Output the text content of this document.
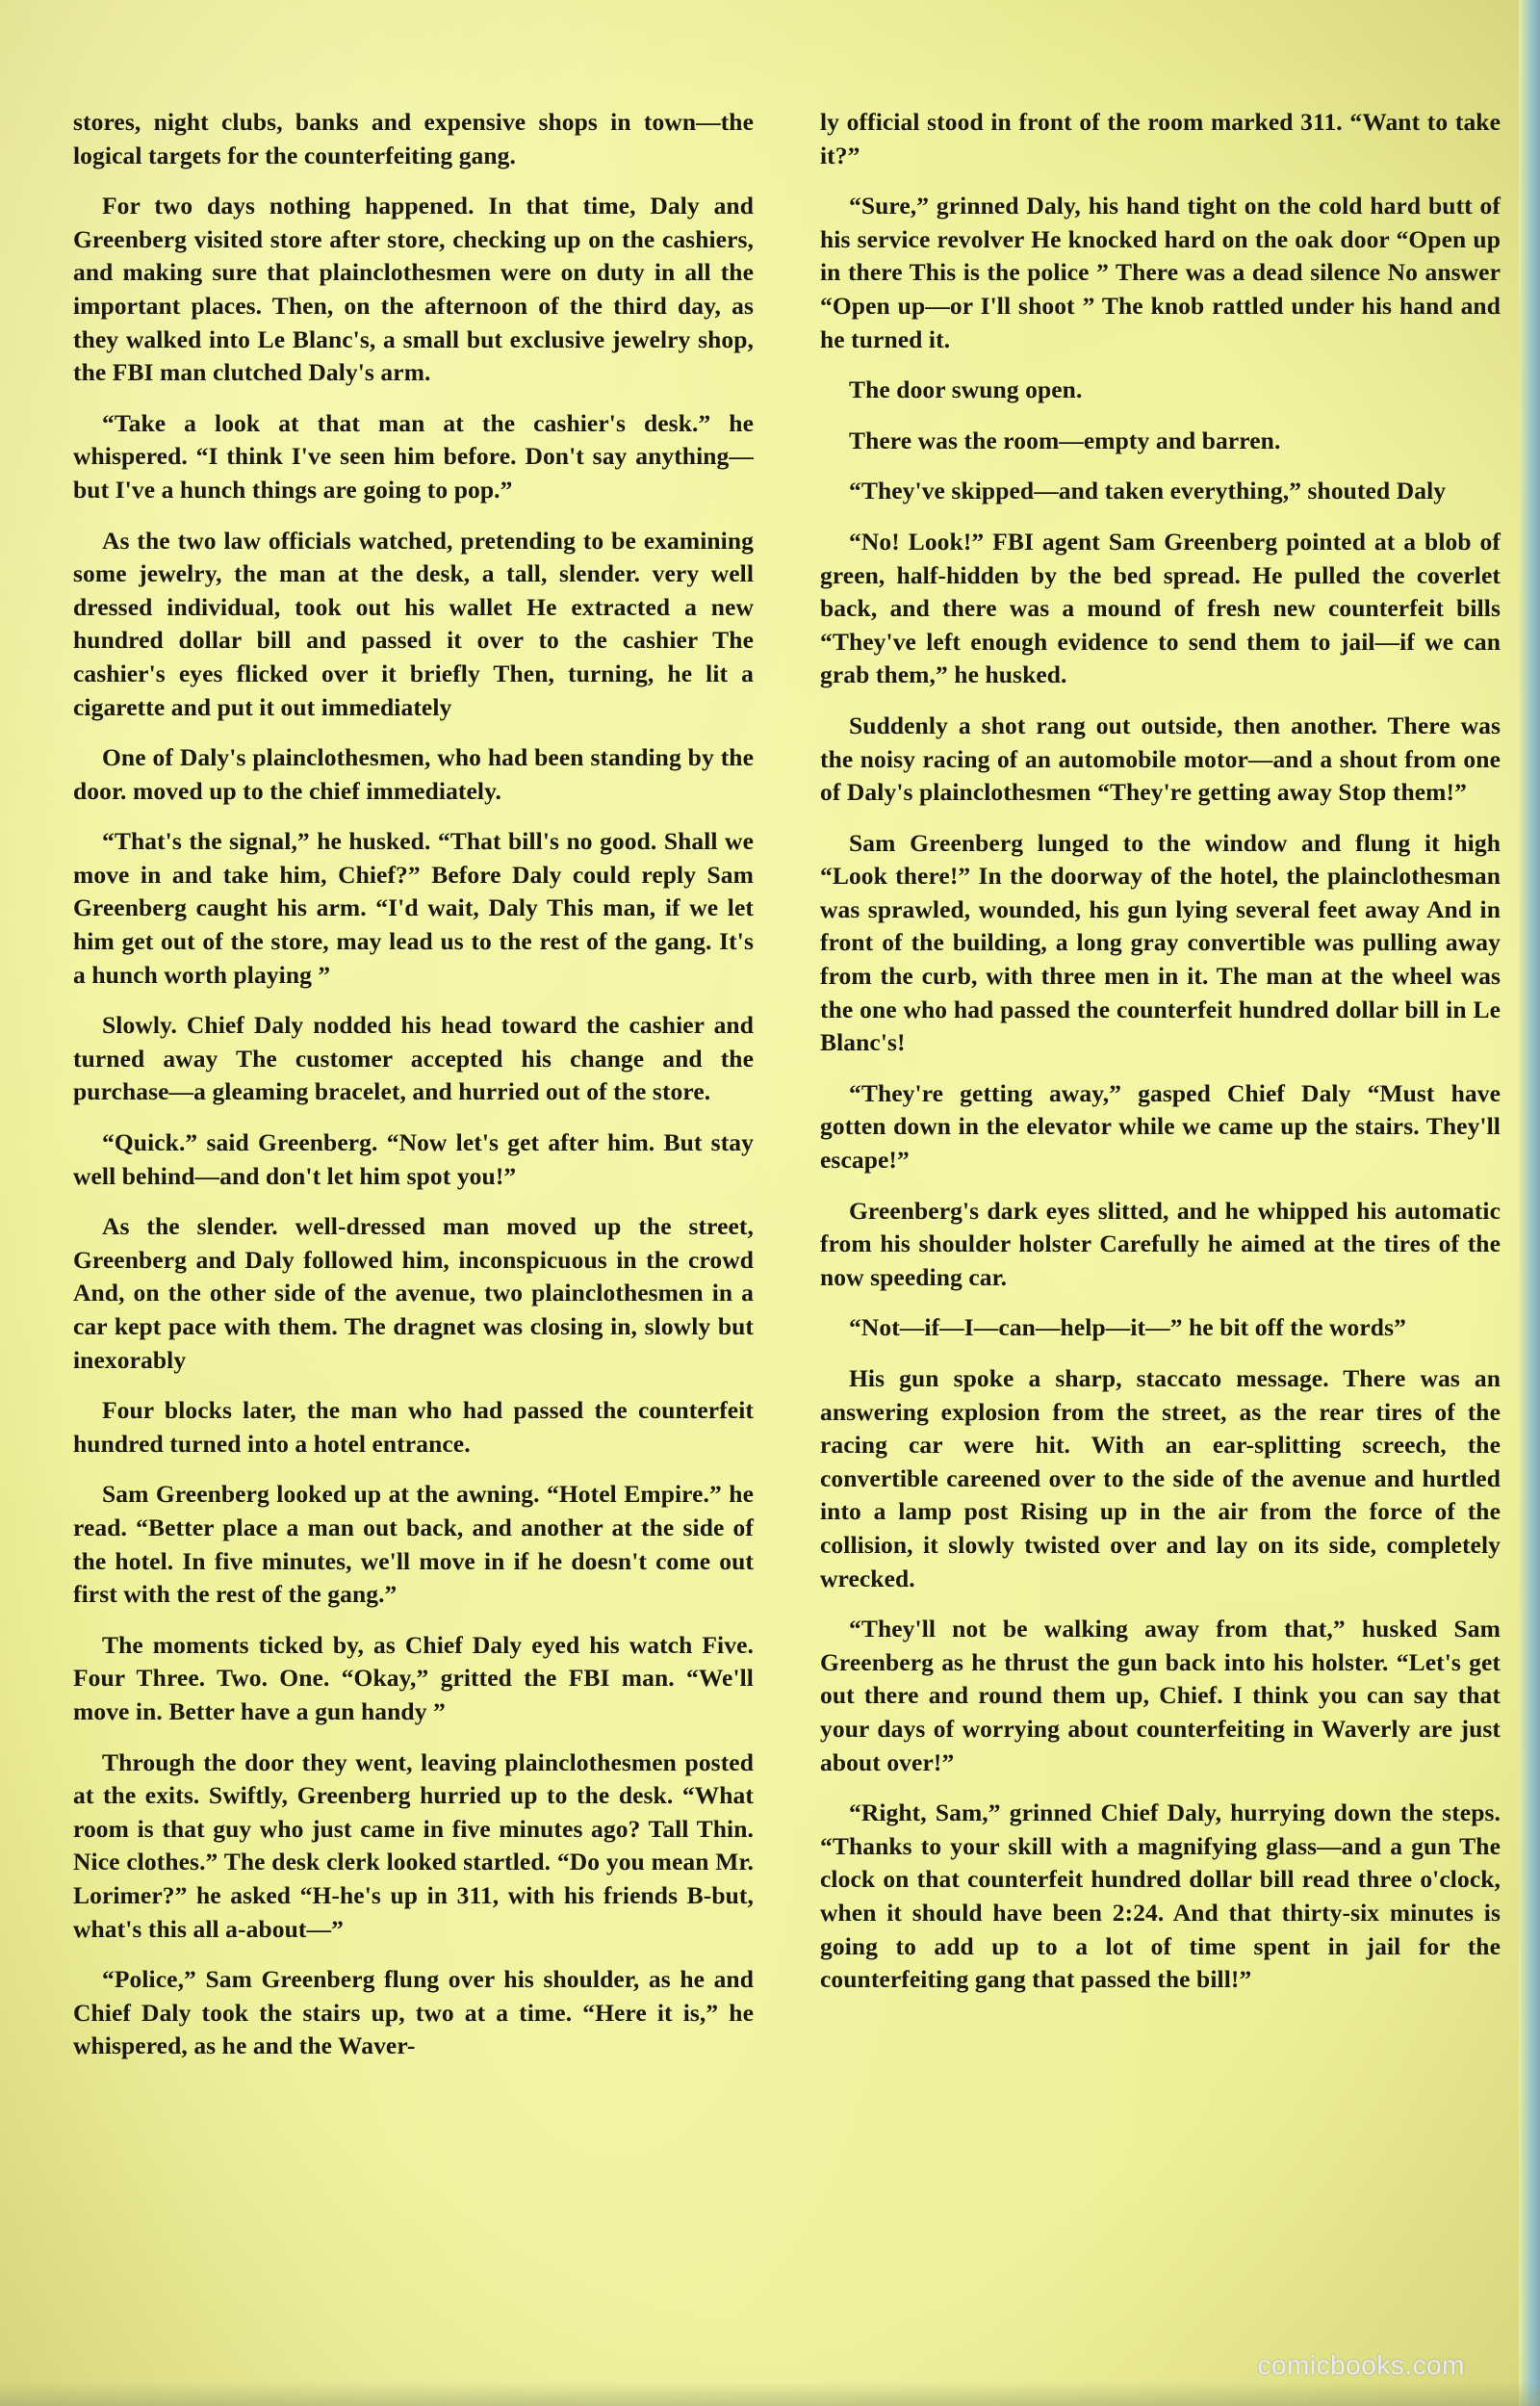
stores, night clubs, banks and expensive shops in town—the logical targets for the counterfeiting gang.

For two days nothing happened. In that time, Daly and Greenberg visited store after store, checking up on the cashiers, and making sure that plainclothesmen were on duty in all the important places. Then, on the afternoon of the third day, as they walked into Le Blanc's, a small but exclusive jewelry shop, the FBI man clutched Daly's arm.

“Take a look at that man at the cashier's desk.” he whispered. “I think I've seen him before. Don't say anything—but I've a hunch things are going to pop.”

As the two law officials watched, pretending to be examining some jewelry, the man at the desk, a tall, slender. very well dressed individual, took out his wallet He extracted a new hundred dollar bill and passed it over to the cashier The cashier's eyes flicked over it briefly Then, turning, he lit a cigarette and put it out immediately

One of Daly's plainclothesmen, who had been standing by the door. moved up to the chief immediately.

“That's the signal,” he husked. “That bill's no good. Shall we move in and take him, Chief?” Before Daly could reply Sam Greenberg caught his arm. “I'd wait, Daly This man, if we let him get out of the store, may lead us to the rest of the gang. It's a hunch worth playing ”

Slowly. Chief Daly nodded his head toward the cashier and turned away The customer accepted his change and the purchase—a gleaming bracelet, and hurried out of the store.

“Quick.” said Greenberg. “Now let's get after him. But stay well behind—and don't let him spot you!”

As the slender. well-dressed man moved up the street, Greenberg and Daly followed him, inconspicuous in the crowd And, on the other side of the avenue, two plainclothesmen in a car kept pace with them. The dragnet was closing in, slowly but inexorably

Four blocks later, the man who had passed the counterfeit hundred turned into a hotel entrance.

Sam Greenberg looked up at the awning. “Hotel Empire.” he read. “Better place a man out back, and another at the side of the hotel. In five minutes, we'll move in if he doesn't come out first with the rest of the gang.”

The moments ticked by, as Chief Daly eyed his watch Five. Four Three. Two. One. “Okay,” gritted the FBI man. “We'll move in. Better have a gun handy ”

Through the door they went, leaving plainclothesmen posted at the exits. Swiftly, Greenberg hurried up to the desk. “What room is that guy who just came in five minutes ago? Tall Thin. Nice clothes.” The desk clerk looked startled. “Do you mean Mr. Lorimer?” he asked “H-he's up in 311, with his friends B-but, what's this all a-about—”

“Police,” Sam Greenberg flung over his shoulder, as he and Chief Daly took the stairs up, two at a time. “Here it is,” he whispered, as he and the Waver-

ly official stood in front of the room marked 311. “Want to take it?”

“Sure,” grinned Daly, his hand tight on the cold hard butt of his service revolver He knocked hard on the oak door “Open up in there This is the police ” There was a dead silence No answer “Open up—or I'll shoot ” The knob rattled under his hand and he turned it.

The door swung open.

There was the room—empty and barren.

“They've skipped—and taken everything,” shouted Daly

“No! Look!” FBI agent Sam Greenberg pointed at a blob of green, half-hidden by the bed spread. He pulled the coverlet back, and there was a mound of fresh new counterfeit bills “They've left enough evidence to send them to jail—if we can grab them,” he husked.

Suddenly a shot rang out outside, then another. There was the noisy racing of an automobile motor—and a shout from one of Daly's plainclothesmen “They're getting away Stop them!”

Sam Greenberg lunged to the window and flung it high “Look there!” In the doorway of the hotel, the plainclothesman was sprawled, wounded, his gun lying several feet away And in front of the building, a long gray convertible was pulling away from the curb, with three men in it. The man at the wheel was the one who had passed the counterfeit hundred dollar bill in Le Blanc's!

“They're getting away,” gasped Chief Daly “Must have gotten down in the elevator while we came up the stairs. They'll escape!”

Greenberg's dark eyes slitted, and he whipped his automatic from his shoulder holster Carefully he aimed at the tires of the now speeding car.

“Not—if—I—can—help—it—” he bit off the words”

His gun spoke a sharp, staccato message. There was an answering explosion from the street, as the rear tires of the racing car were hit. With an ear-splitting screech, the convertible careened over to the side of the avenue and hurtled into a lamp post Rising up in the air from the force of the collision, it slowly twisted over and lay on its side, completely wrecked.

“They'll not be walking away from that,” husked Sam Greenberg as he thrust the gun back into his holster. “Let's get out there and round them up, Chief. I think you can say that your days of worrying about counterfeiting in Waverly are just about over!”

“Right, Sam,” grinned Chief Daly, hurrying down the steps. “Thanks to your skill with a magnifying glass—and a gun The clock on that counterfeit hundred dollar bill read three o'clock, when it should have been 2:24. And that thirty-six minutes is going to add up to a lot of time spent in jail for the counterfeiting gang that passed the bill!”

comicbooks.com
